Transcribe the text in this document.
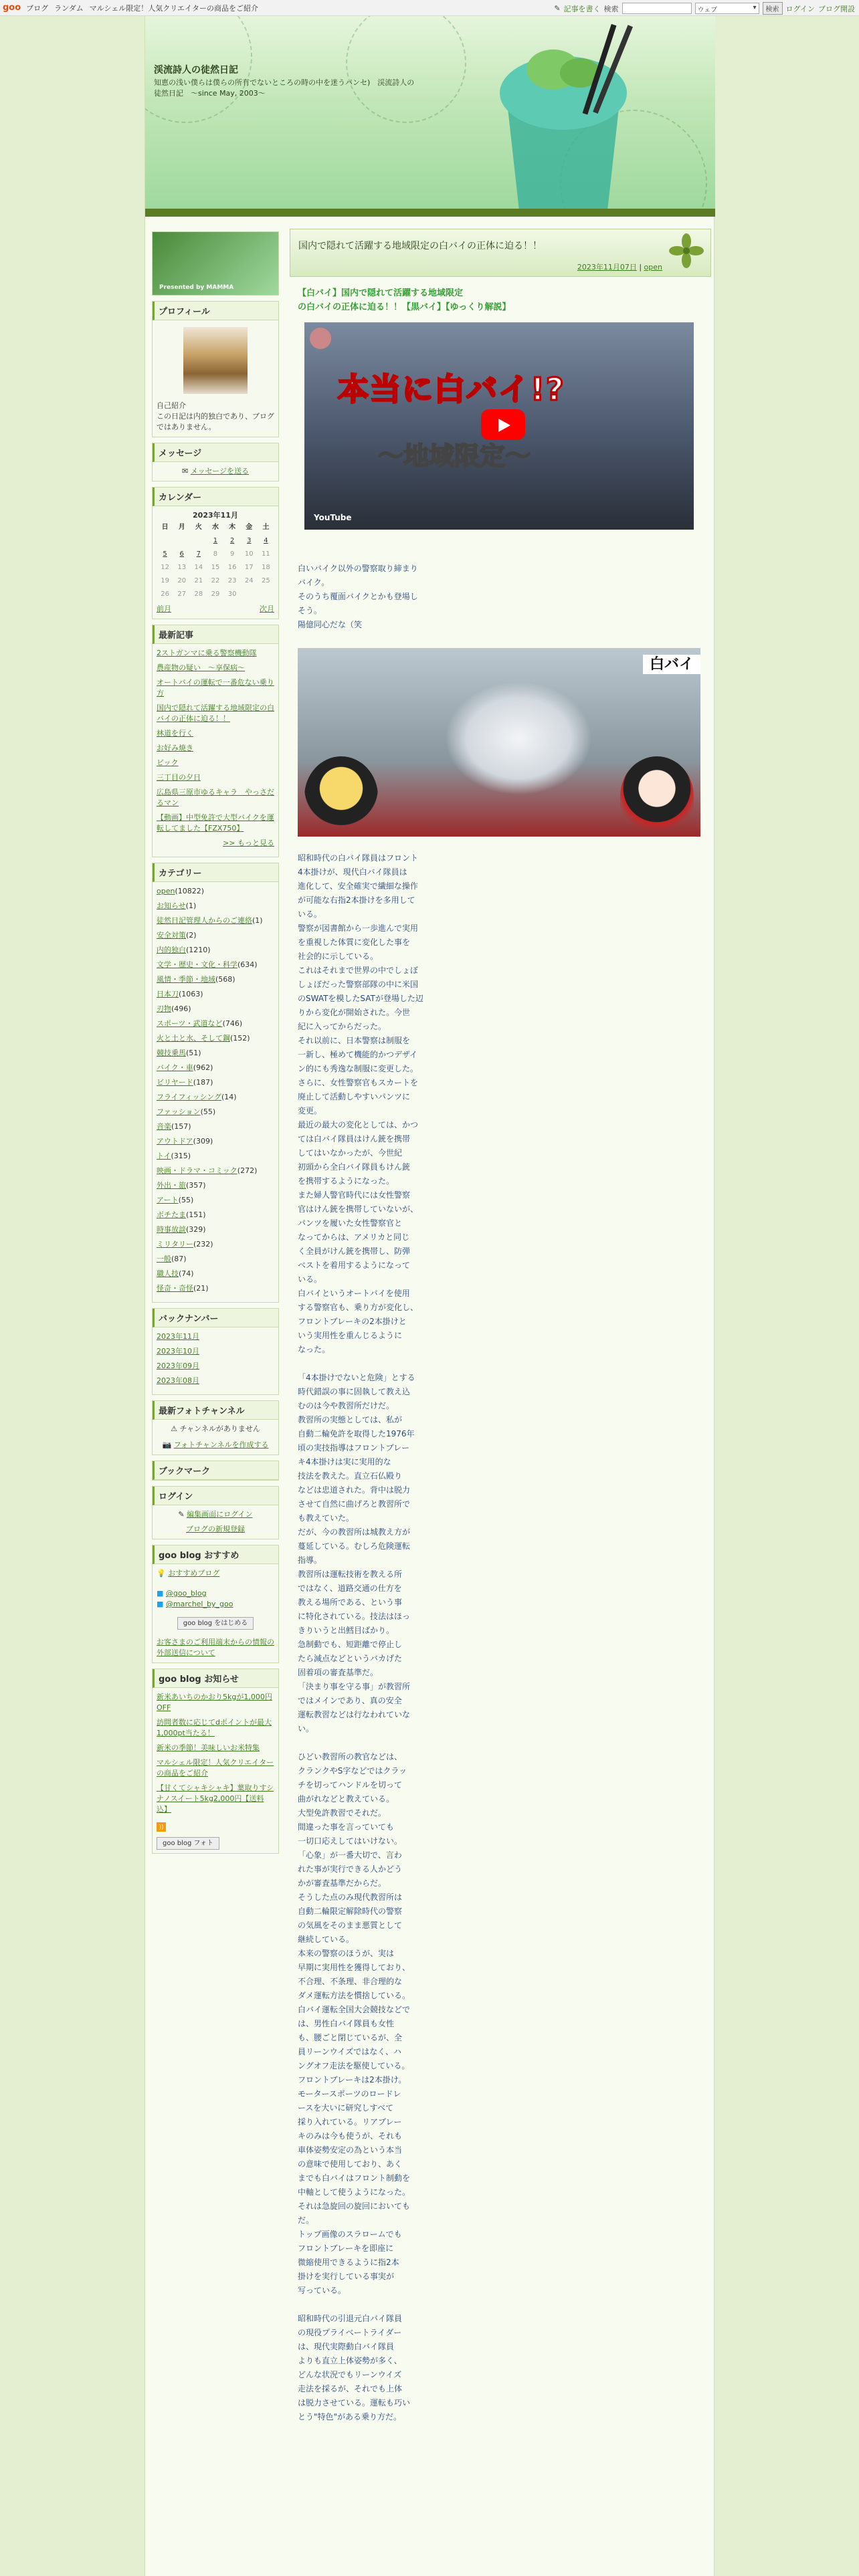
goo ブログ ランダム マルシェル限定！人気クリエイターの商品をご紹介	✎ 記事を書く 検索	ウェブ	▾	検索 ログイン ブログ開設
渓流詩人の徒然日記
知恵の浅い僕らは僕らの所有でないところの時の中を迷うパンセ)　渓流詩人の徒然日記　～since May, 2003～
Presented by MAMMA
プロフィール
自己紹介
この日記は内的独白であり、ブログではありません。
メッセージ
✉ メッセージを送る
カレンダー
2023年11月
日	月	火	水	木	金	土
			1	2	3	4
5	6	7	8	9	10	11
12	13	14	15	16	17	18
19	20	21	22	23	24	25
26	27	28	29	30		
前月	次月
最新記事
2ストガンマに乗る警察機動隊
農産物の疑い　～享保病～
オートバイの運転で一番危ない乗り方
国内で隠れて活躍する地域限定の白バイの正体に迫る！！
林道を行く
お好み焼き
ビック
三丁目の夕日
広島県三原市ゆるキャラ　やっさだるマン
【動画】中型免許で大型バイクを運転してました【FZX750】
>> もっと見る
カテゴリー
open(10822)
お知らせ(1)
徒然日記管理人からのご連絡(1)
安全対策(2)
内的独白(1210)
文学・歴史・文化・科学(634)
風情・季節・地域(568)
日本刀(1063)
刃物(496)
スポーツ・武道など(746)
火と土と水、そして鋼(152)
競技乗馬(51)
バイク・車(962)
ビリヤード(187)
フライフィッシング(14)
ファッション(55)
音楽(157)
アウトドア(309)
トイ(315)
映画・ドラマ・コミック(272)
外出・旅(357)
アート(55)
ボチたま(151)
時事放談(329)
ミリタリー(232)
一般(87)
職人技(74)
怪奇・奇怪(21)
バックナンバー
2023年11月
2023年10月
2023年09月
2023年08月
最新フォトチャンネル
⚠ チャンネルがありません
📷 フォトチャンネルを作成する
ブックマーク
ログイン
✎ 編集画面にログイン
ブログの新規登録
goo blog おすすめ
💡 おすすめブログ
■ @goo_blog
■ @marchel_by_goo
goo blog をはじめる
お客さまのご利用端末からの情報の外部送信について
goo blog お知らせ
新米あいちのかおり5kgが1,000円OFF
訪問者数に応じてdポイントが最大1,000pt当たる！
新米の季節！美味しいお米特集
マルシェル限定！人気クリエイターの商品をご紹介
【甘くてシャキシャキ】葉取りすシナノスイート5kg2,000円【送料込】
))
goo blog フォト
国内で隠れて活躍する地域限定の白バイの正体に迫る！！
2023年11月07日 | open
【白バイ】国内で隠れて活躍する地域限定
の白バイの正体に迫る！！【黒バイ】【ゆっくり解説】
本当に白バイ!?
〜地域限定〜
YouTube
白いバイク以外の警察取り締まり
バイク。
そのうち覆面バイクとかも登場し
そう。
陽億同心だな（笑
白バイ
昭和時代の白バイ隊員はフロント
4本掛けが、現代白バイ隊員は
進化して、安全確実で繊細な操作
が可能な右指2本掛けを多用して
いる。
警察が図書館から一歩進んで実用
を重視した体質に変化した事を
社会的に示している。
これはそれまで世界の中でしょぼ
しょぼだった警察部隊の中に米国
のSWATを模したSATが登場した辺
りから変化が開始された。今世
紀に入ってからだった。
それ以前に、日本警察は制服を
一新し、極めて機能的かつデザイ
ン的にも秀逸な制服に変更した。
さらに、女性警察官もスカートを
廃止して活動しやすいパンツに
変更。
最近の最大の変化としては、かつ
ては白バイ隊員はけん銃を携帯
してはいなかったが、今世紀
初頭から全白バイ隊員もけん銃
を携帯するようになった。
また婦人警官時代には女性警察
官はけん銃を携帯していないが、
パンツを履いた女性警察官と
なってからは、アメリカと同じ
く全員がけん銃を携帯し、防弾
ベストを着用するようになって
いる。
白バイというオートバイを使用
する警察官も、乗り方が変化し、
フロントブレーキの2本掛けと
いう実用性を重んじるように
なった。
「4本掛けでないと危険」とする
時代錯誤の事に固執して教え込
むのは今や教習所だけだ。
教習所の実態としては、私が
自動二輪免許を取得した1976年
頃の実技指導はフロントブレー
キ4本掛けは実に実用的な
技法を教えた。直立石仏殿り
などは忠道された。背中は脱力
させて自然に曲げろと教習所で
も教えていた。
だが、今の教習所は城教え方が
蔓延している。むしろ危険運転
指導。
教習所は運転技術を教える所
ではなく、道路交通の仕方を
教える場所である、という事
に特化されている。技法はほっ
きりいうと出鱈目ばかり。
急制動でも、短距離で停止し
たら減点などというバカげた
固着項の審査基準だ。
「決まり事を守る事」が教習所
ではメインであり、真の安全
運転教習などは行なわれていな
い。
ひどい教習所の教官などは、
クランクやS字などではクラッ
チを切ってハンドルを切って
曲がれなどと教えている。
大型免許教習でそれだ。
間違った事を言っていても
一切口応えしてはいけない。
「心象」が一番大切で、言わ
れた事が実行できる人かどう
かが審査基準だからだ。
そうした点のみ現代教習所は
自動二輪限定解除時代の警察
の気風をそのまま悪質として
継続している。
本来の警察のほうが、実は
早期に実用性を獲得しており、
不合理、不条理、非合理的な
ダメ運転方法を慣捨している。
白バイ運転全国大会競技などで
は、男性白バイ隊員も女性
も、腰ごと閉じているが、全
員リーンウイズではなく、ハ
ングオフ走法を駆使している。
フロントブレーキは2本掛け。
モータースポーツのロードレ
ースを大いに研究しすべて
採り入れている。リアブレー
キのみは今も使うが、それも
車体姿勢安定の為という本当
の意味で使用しており、あく
までも白バイはフロント制動を
中軸として使うようになった。
それは急旋回の旋回においても
だ。
トップ画像のスラロームでも
フロントブレーキを即座に
微縮使用できるように指2本
掛けを実行している事実が
写っている。
昭和時代の引退元白バイ隊員
の現役プライベートライダー
は、現代実際動白バイ隊員
よりも直立上体姿勢が多く、
どんな状況でもリーンウイズ
走法を採るが、それでも上体
は脱力させている。運転も巧い
とう"特色"がある乗り方だ。
